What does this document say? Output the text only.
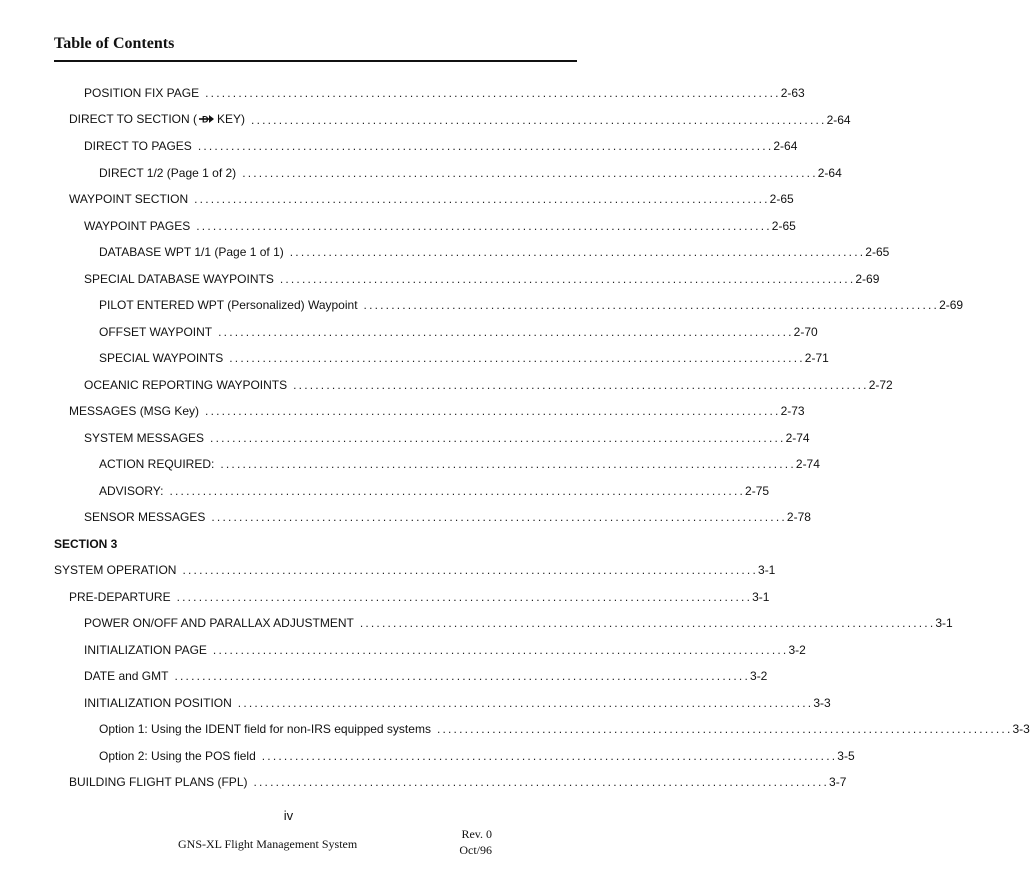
Table of Contents
POSITION FIX PAGE ........................................................................................................ 2-63
DIRECT TO SECTION ( D KEY) ........................................................................................................ 2-64
DIRECT TO PAGES ........................................................................................................ 2-64
DIRECT 1/2 (Page 1 of 2) ........................................................................................................ 2-64
WAYPOINT SECTION ........................................................................................................ 2-65
WAYPOINT PAGES ........................................................................................................ 2-65
DATABASE WPT 1/1 (Page 1 of 1) ........................................................................................................ 2-65
SPECIAL DATABASE WAYPOINTS ........................................................................................................ 2-69
PILOT ENTERED WPT (Personalized) Waypoint ........................................................................................................ 2-69
OFFSET WAYPOINT ........................................................................................................ 2-70
SPECIAL WAYPOINTS ........................................................................................................ 2-71
OCEANIC REPORTING WAYPOINTS ........................................................................................................ 2-72
MESSAGES (MSG Key) ........................................................................................................ 2-73
SYSTEM MESSAGES ........................................................................................................ 2-74
ACTION REQUIRED: ........................................................................................................ 2-74
ADVISORY: ........................................................................................................ 2-75
SENSOR MESSAGES ........................................................................................................ 2-78
SECTION 3
SYSTEM OPERATION ........................................................................................................ 3-1
PRE-DEPARTURE ........................................................................................................ 3-1
POWER ON/OFF AND PARALLAX ADJUSTMENT ........................................................................................................ 3-1
INITIALIZATION PAGE ........................................................................................................ 3-2
DATE and GMT ........................................................................................................ 3-2
INITIALIZATION POSITION ........................................................................................................ 3-3
Option 1: Using the IDENT field for non-IRS equipped systems ........................................................................................................ 3-3
Option 2: Using the POS field ........................................................................................................ 3-5
BUILDING FLIGHT PLANS (FPL) ........................................................................................................ 3-7
iv
GNS-XL Flight Management System
Rev. 0
Oct/96
